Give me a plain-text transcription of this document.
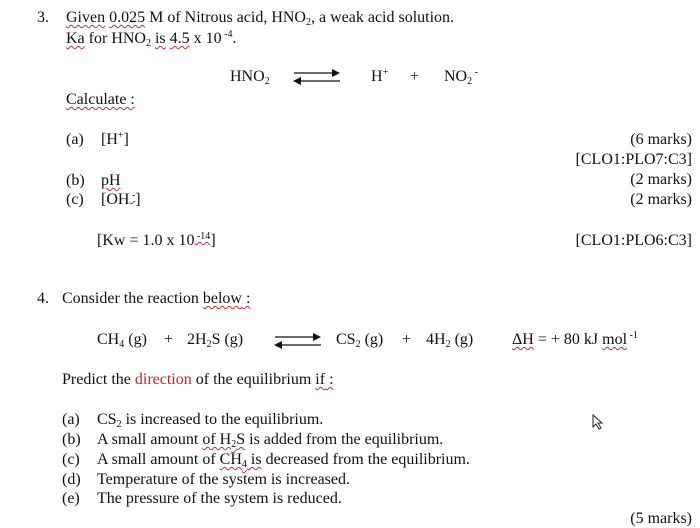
3. Given 0.025 M of Nitrous acid, $HNO_2$, a weak acid solution.
Ka for $HNO_2$ is 4.5 x 10 $^{-4}$.
$HNO_2$ ⇌ $H^+ + NO_2$ -
Calculate :
(a) [H+]	(6 marks)
[CLO1:PLO7:C3]
(b) pH	(2 marks)
(c) [OH -]	(2 marks)
[Kw = 1.0 x 10 $^{-14}$]	[CLO1:PLO6:C3]
4. Consider the reaction below :
$CH_4$ $(g) + 2H_2S$ (g) ⇌ $CS_2$ $(g) + 4H_2$ (g) ΔH = + 80 kJ mol $^{-1}$
Predict the direction of the equilibrium if :
(a) $CS_2$ is increased to the equilibrium.
(b) A small amount of $H_2S$ is added from the equilibrium.
(c) A small amount of $CH_4$ is decreased from the equilibrium.
(d) Temperature of the system is increased.
(e) The pressure of the system is reduced.
(5 marks)
